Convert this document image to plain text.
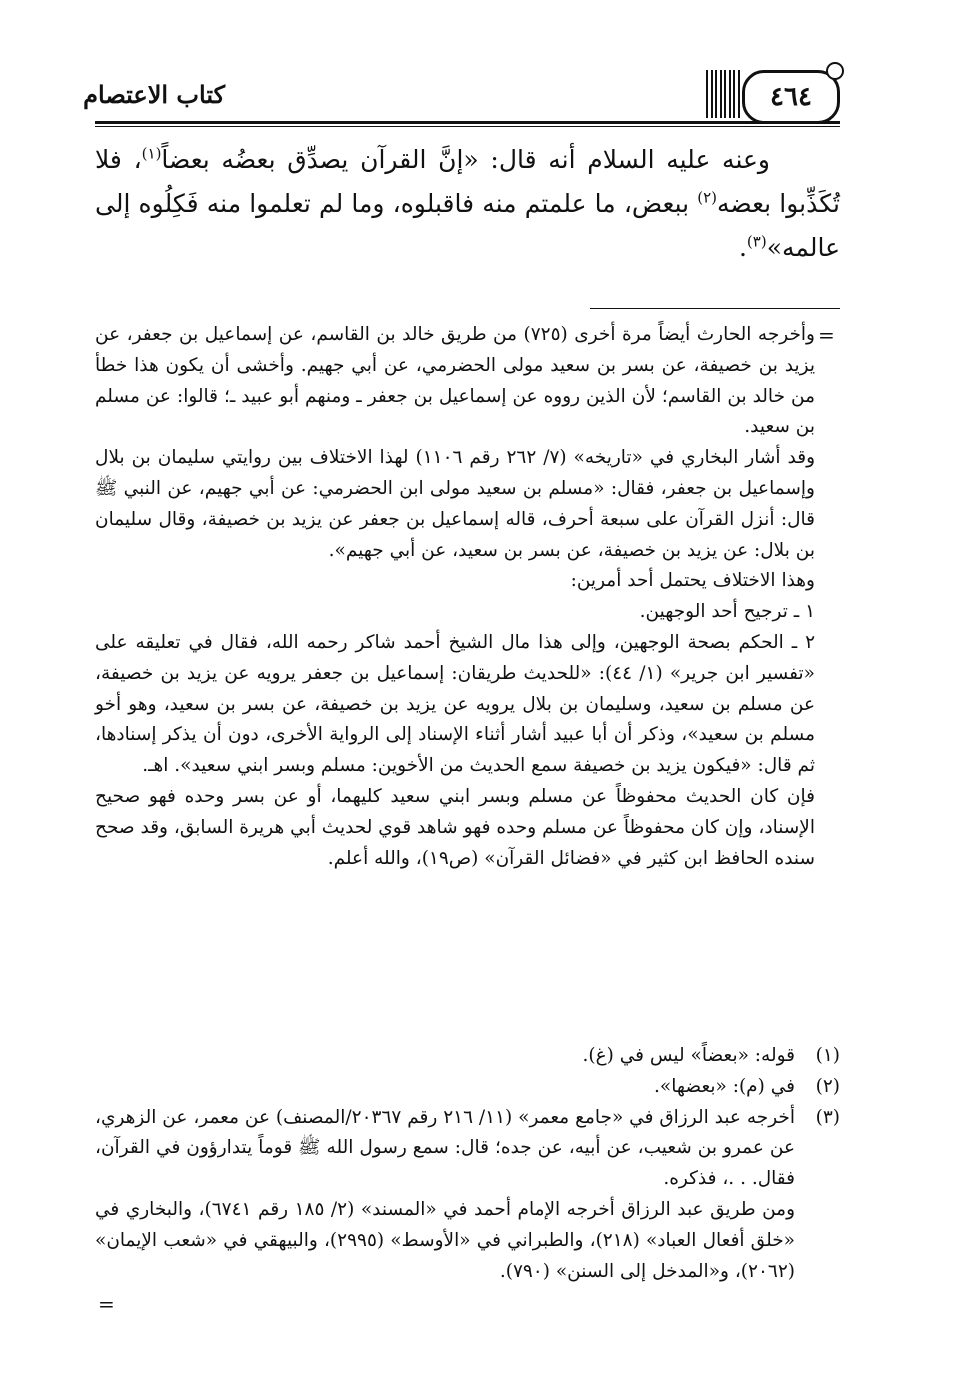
كتاب الاعتصام	٤٦٤

وعنه عليه السلام أنه قال: «إنَّ القرآن يصدِّق بعضُه بعضاً$^{(١)}$، فلا تُكَذِّبوا بعضه$^{(٢)}$ ببعض، ما علمتم منه فاقبلوه، وما لم تعلموا منه فَكِلُوه إلى عالمه»$^{(٣)}$.

=

وأخرجه الحارث أيضاً مرة أخرى (٧٢٥) من طريق خالد بن القاسم، عن إسماعيل بن جعفر، عن يزيد بن خصيفة، عن بسر بن سعيد مولى الحضرمي، عن أبي جهيم. وأخشى أن يكون هذا خطأ من خالد بن القاسم؛ لأن الذين رووه عن إسماعيل بن جعفر ـ ومنهم أبو عبيد ـ؛ قالوا: عن مسلم بن سعيد.

وقد أشار البخاري في «تاريخه» (٧/ ٢٦٢ رقم ١١٠٦) لهذا الاختلاف بين روايتي سليمان بن بلال وإسماعيل بن جعفر، فقال: «مسلم بن سعيد مولى ابن الحضرمي: عن أبي جهيم، عن النبي ﷺ قال: أنزل القرآن على سبعة أحرف، قاله إسماعيل بن جعفر عن يزيد بن خصيفة، وقال سليمان بن بلال: عن يزيد بن خصيفة، عن بسر بن سعيد، عن أبي جهيم».

وهذا الاختلاف يحتمل أحد أمرين:

١ ـ ترجيح أحد الوجهين.

٢ ـ الحكم بصحة الوجهين، وإلى هذا مال الشيخ أحمد شاكر رحمه الله، فقال في تعليقه على «تفسير ابن جرير» (١/ ٤٤): «للحديث طريقان: إسماعيل بن جعفر يرويه عن يزيد بن خصيفة، عن مسلم بن سعيد، وسليمان بن بلال يرويه عن يزيد بن خصيفة، عن بسر بن سعيد، وهو أخو مسلم بن سعيد»، وذكر أن أبا عبيد أشار أثناء الإسناد إلى الرواية الأخرى، دون أن يذكر إسنادها، ثم قال: «فيكون يزيد بن خصيفة سمع الحديث من الأخوين: مسلم وبسر ابني سعيد». اهـ.

فإن كان الحديث محفوظاً عن مسلم وبسر ابني سعيد كليهما، أو عن بسر وحده فهو صحيح الإسناد، وإن كان محفوظاً عن مسلم وحده فهو شاهد قوي لحديث أبي هريرة السابق، وقد صحح سنده الحافظ ابن كثير في «فضائل القرآن» (ص١٩)، والله أعلم.

(١)

قوله: «بعضاً» ليس في (غ).

(٢)

في (م): «بعضها».

(٣)

أخرجه عبد الرزاق في «جامع معمر» (١١/ ٢١٦ رقم ٢٠٣٦٧/المصنف) عن معمر، عن الزهري، عن عمرو بن شعيب، عن أبيه، عن جده؛ قال: سمع رسول الله ﷺ قوماً يتدارؤون في القرآن، فقال. . .، فذكره.

ومن طريق عبد الرزاق أخرجه الإمام أحمد في «المسند» (٢/ ١٨٥ رقم ٦٧٤١)، والبخاري في «خلق أفعال العباد» (٢١٨)، والطبراني في «الأوسط» (٢٩٩٥)، والبيهقي في «شعب الإيمان» (٢٠٦٢)، و«المدخل إلى السنن» (٧٩٠).

=
